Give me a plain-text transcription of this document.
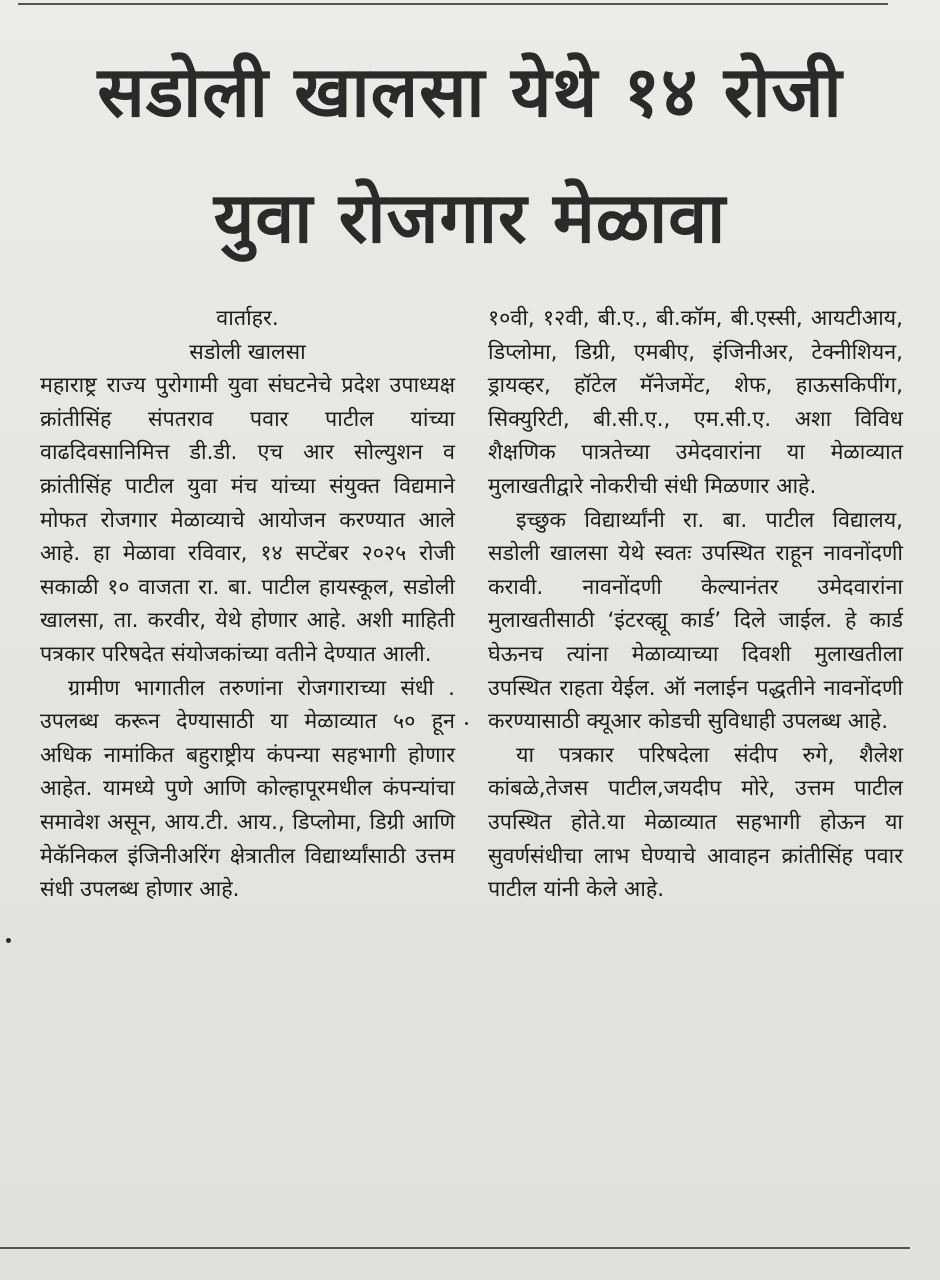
सडोली खालसा येथे १४ रोजी
युवा रोजगार मेळावा
वार्ताहर.
सडोली खालसा

महाराष्ट्र राज्य पुरोगामी युवा संघटनेचे प्रदेश उपाध्यक्ष क्रांतीसिंह संपतराव पवार पाटील यांच्या वाढदिवसानिमित्त डी.डी. एच आर सोल्युशन व क्रांतीसिंह पाटील युवा मंच यांच्या संयुक्त विद्यमाने मोफत रोजगार मेळाव्याचे आयोजन करण्यात आले आहे. हा मेळावा रविवार, १४ सप्टेंबर २०२५ रोजी सकाळी १० वाजता रा. बा. पाटील हायस्कूल, सडोली खालसा, ता. करवीर, येथे होणार आहे. अशी माहिती पत्रकार परिषदेत संयोजकांच्या वतीने देण्यात आली.

ग्रामीण भागातील तरुणांना रोजगाराच्या संधी . उपलब्ध करून देण्यासाठी या मेळाव्यात ५० हून अधिक नामांकित बहुराष्ट्रीय कंपन्या सहभागी होणार आहेत. यामध्ये पुणे आणि कोल्हापूरमधील कंपन्यांचा समावेश असून, आय.टी. आय., डिप्लोमा, डिग्री आणि मेकॅनिकल इंजिनीअरिंग क्षेत्रातील विद्यार्थ्यांसाठी उत्तम संधी उपलब्ध होणार आहे.

१०वी, १२वी, बी.ए., बी.कॉम, बी.एस्सी, आयटीआय, डिप्लोमा, डिग्री, एमबीए, इंजिनीअर, टेक्नीशियन, ड्रायव्हर, हॉटेल मॅनेजमेंट, शेफ, हाऊसकिपींग, सिक्युरिटी, बी.सी.ए., एम.सी.ए. अशा विविध शैक्षणिक पात्रतेच्या उमेदवारांना या मेळाव्यात मुलाखतीद्वारे नोकरीची संधी मिळणार आहे.

इच्छुक विद्यार्थ्यांनी रा. बा. पाटील विद्यालय, सडोली खालसा येथे स्वतः उपस्थित राहून नावनोंदणी करावी. नावनोंदणी केल्यानंतर उमेदवारांना मुलाखतीसाठी ‘इंटरव्ह्यू कार्ड’ दिले जाईल. हे कार्ड घेऊनच त्यांना मेळाव्याच्या दिवशी मुलाखतीला उपस्थित राहता येईल. ऑ नलाईन पद्धतीने नावनोंदणी करण्यासाठी क्यूआर कोडची सुविधाही उपलब्ध आहे.

या पत्रकार परिषदेला संदीप रुगे, शैलेश कांबळे,तेजस पाटील,जयदीप मोरे, उत्तम पाटील उपस्थित होते.या मेळाव्यात सहभागी होऊन या सुवर्णसंधीचा लाभ घेण्याचे आवाहन क्रांतीसिंह पवार पाटील यांनी केले आहे.
